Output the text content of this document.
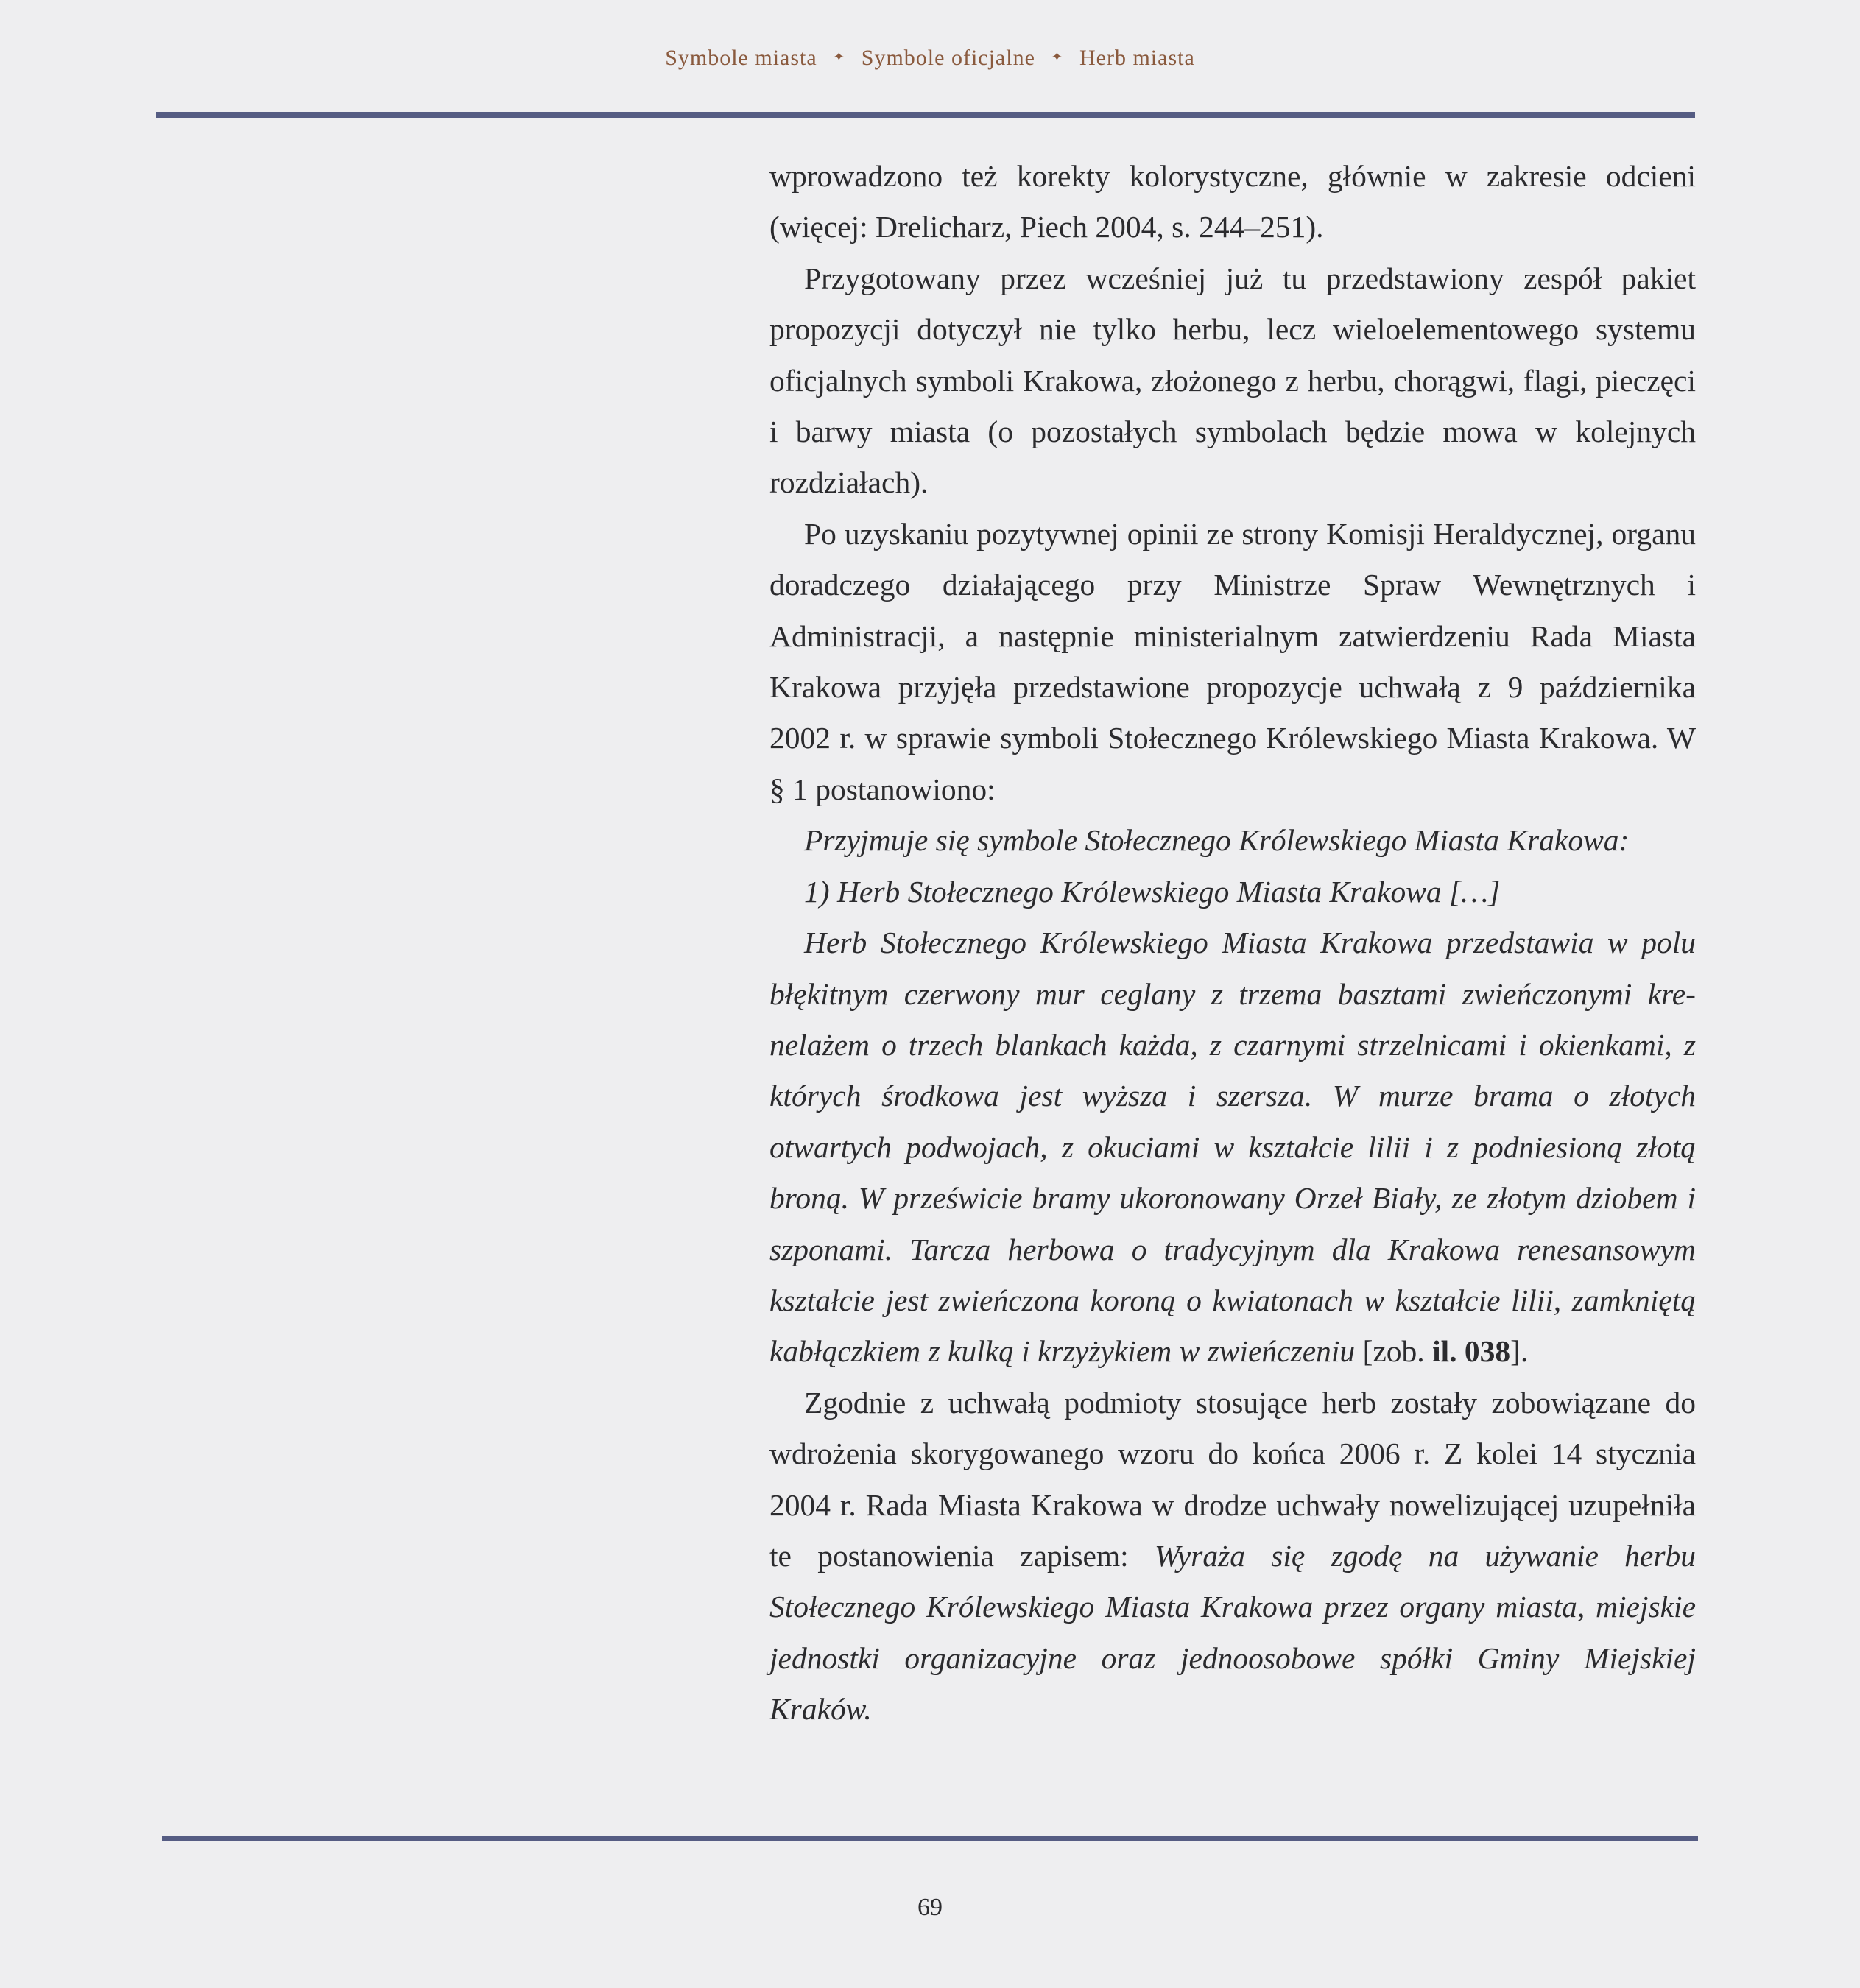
Symbole miasta ✦ Symbole oficjalne ✦ Herb miasta

wprowadzono też korekty kolorystyczne, głównie w zakresie odcieni (więcej: Drelicharz, Piech 2004, s. 244–251).

Przygotowany przez wcześniej już tu przedstawiony zespół pakiet propozycji dotyczył nie tylko herbu, lecz wieloelementowego systemu oficjalnych symboli Krakowa, złożonego z herbu, chorągwi, flagi, pieczęci i barwy miasta (o pozostałych symbolach będzie mowa w kolejnych rozdziałach).

Po uzyskaniu pozytywnej opinii ze strony Komisji Heraldycznej, organu doradczego działającego przy Ministrze Spraw Wewnętrznych i Administracji, a następnie ministerialnym zatwierdzeniu Rada Miasta Krakowa przyjęła przedstawione propozycje uchwałą z 9 października 2002 r. w sprawie symboli Stołecznego Królewskiego Miasta Krakowa. W § 1 postanowiono:

Przyjmuje się symbole Stołecznego Królewskiego Miasta Krakowa:

1) Herb Stołecznego Królewskiego Miasta Krakowa […]

Herb Stołecznego Królewskiego Miasta Krakowa przedstawia w polu błękitnym czerwony mur ceglany z trzema basztami zwieńczonymi krenelażem o trzech blankach każda, z czarnymi strzelnicami i okienkami, z których środkowa jest wyższa i szersza. W murze brama o złotych otwartych podwojach, z okuciami w kształcie lilii i z podniesioną złotą broną. W prześwicie bramy ukoronowany Orzeł Biały, ze złotym dziobem i szponami. Tarcza herbowa o tradycyjnym dla Krakowa renesansowym kształcie jest zwieńczona koroną o kwiatonach w kształcie lilii, zamkniętą kabłączkiem z kulką i krzyżykiem w zwieńczeniu [zob. il. 038].

Zgodnie z uchwałą podmioty stosujące herb zostały zobowiązane do wdrożenia skorygowanego wzoru do końca 2006 r. Z kolei 14 stycznia 2004 r. Rada Miasta Krakowa w drodze uchwały nowelizującej uzupełniła te postanowienia zapisem: Wyraża się zgodę na używanie herbu Stołecznego Królewskiego Miasta Krakowa przez organy miasta, miejskie jednostki organizacyjne oraz jednoosobowe spółki Gminy Miejskiej Kraków.

69
